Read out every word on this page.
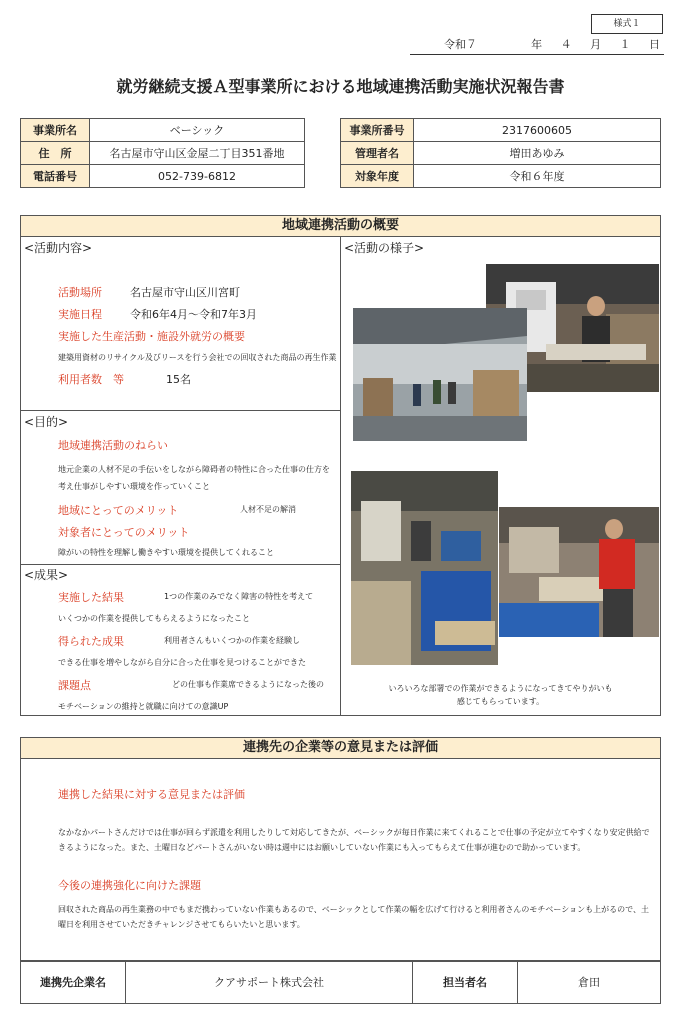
様式１
令和７	年	４	月	１	日
就労継続支援Ａ型事業所における地域連携活動実施状況報告書
事業所名	ベーシック
住　所	名古屋市守山区金屋二丁目351番地
電話番号	052-739-6812
事業所番号	2317600605
管理者名	増田あゆみ
対象年度	令和６年度
地域連携活動の概要
<活動内容>
活動場所	名古屋市守山区川宮町
実施日程	令和6年4月～令和7年3月
実施した生産活動・施設外就労の概要
建築用資材のリサイクル及びリースを行う会社での回収された商品の再生作業
利用者数　等	15名
<目的>
地域連携活動のねらい
地元企業の人材不足の手伝いをしながら障碍者の特性に合った仕事の仕方を考え仕事がしやすい環境を作っていくこと
地域にとってのメリット	人材不足の解消
対象者にとってのメリット
障がいの特性を理解し働きやすい環境を提供してくれること
<成果>
実施した結果	1つの作業のみでなく障害の特性を考えて
いくつかの作業を提供してもらえるようになったこと
得られた成果	利用者さんもいくつかの作業を経験し
できる仕事を増やしながら自分に合った仕事を見つけることができた
課題点	どの仕事も作業席できるようになった後の
モチベーションの維持と就職に向けての意識UP
<活動の様子>
いろいろな部署での作業ができるようになってきてやりがいも
感じてもらっています。
連携先の企業等の意見または評価
連携した結果に対する意見または評価
なかなかパートさんだけでは仕事が回らず派遣を利用したりして対応してきたが、ベーシックが毎日作業に来てくれることで仕事の予定が立てやすくなり安定供給できるようになった。また、土曜日などパートさんがいない時は週中にはお願いしていない作業にも入ってもらえて仕事が進むので助かっています。
今後の連携強化に向けた課題
回収された商品の再生業務の中でもまだ携わっていない作業もあるので、ベーシックとして作業の幅を広げて行けると利用者さんのモチベーションも上がるので、土曜日を利用させていただきチャレンジさせてもらいたいと思います。
連携先企業名	クアサポート株式会社	担当者名	倉田
